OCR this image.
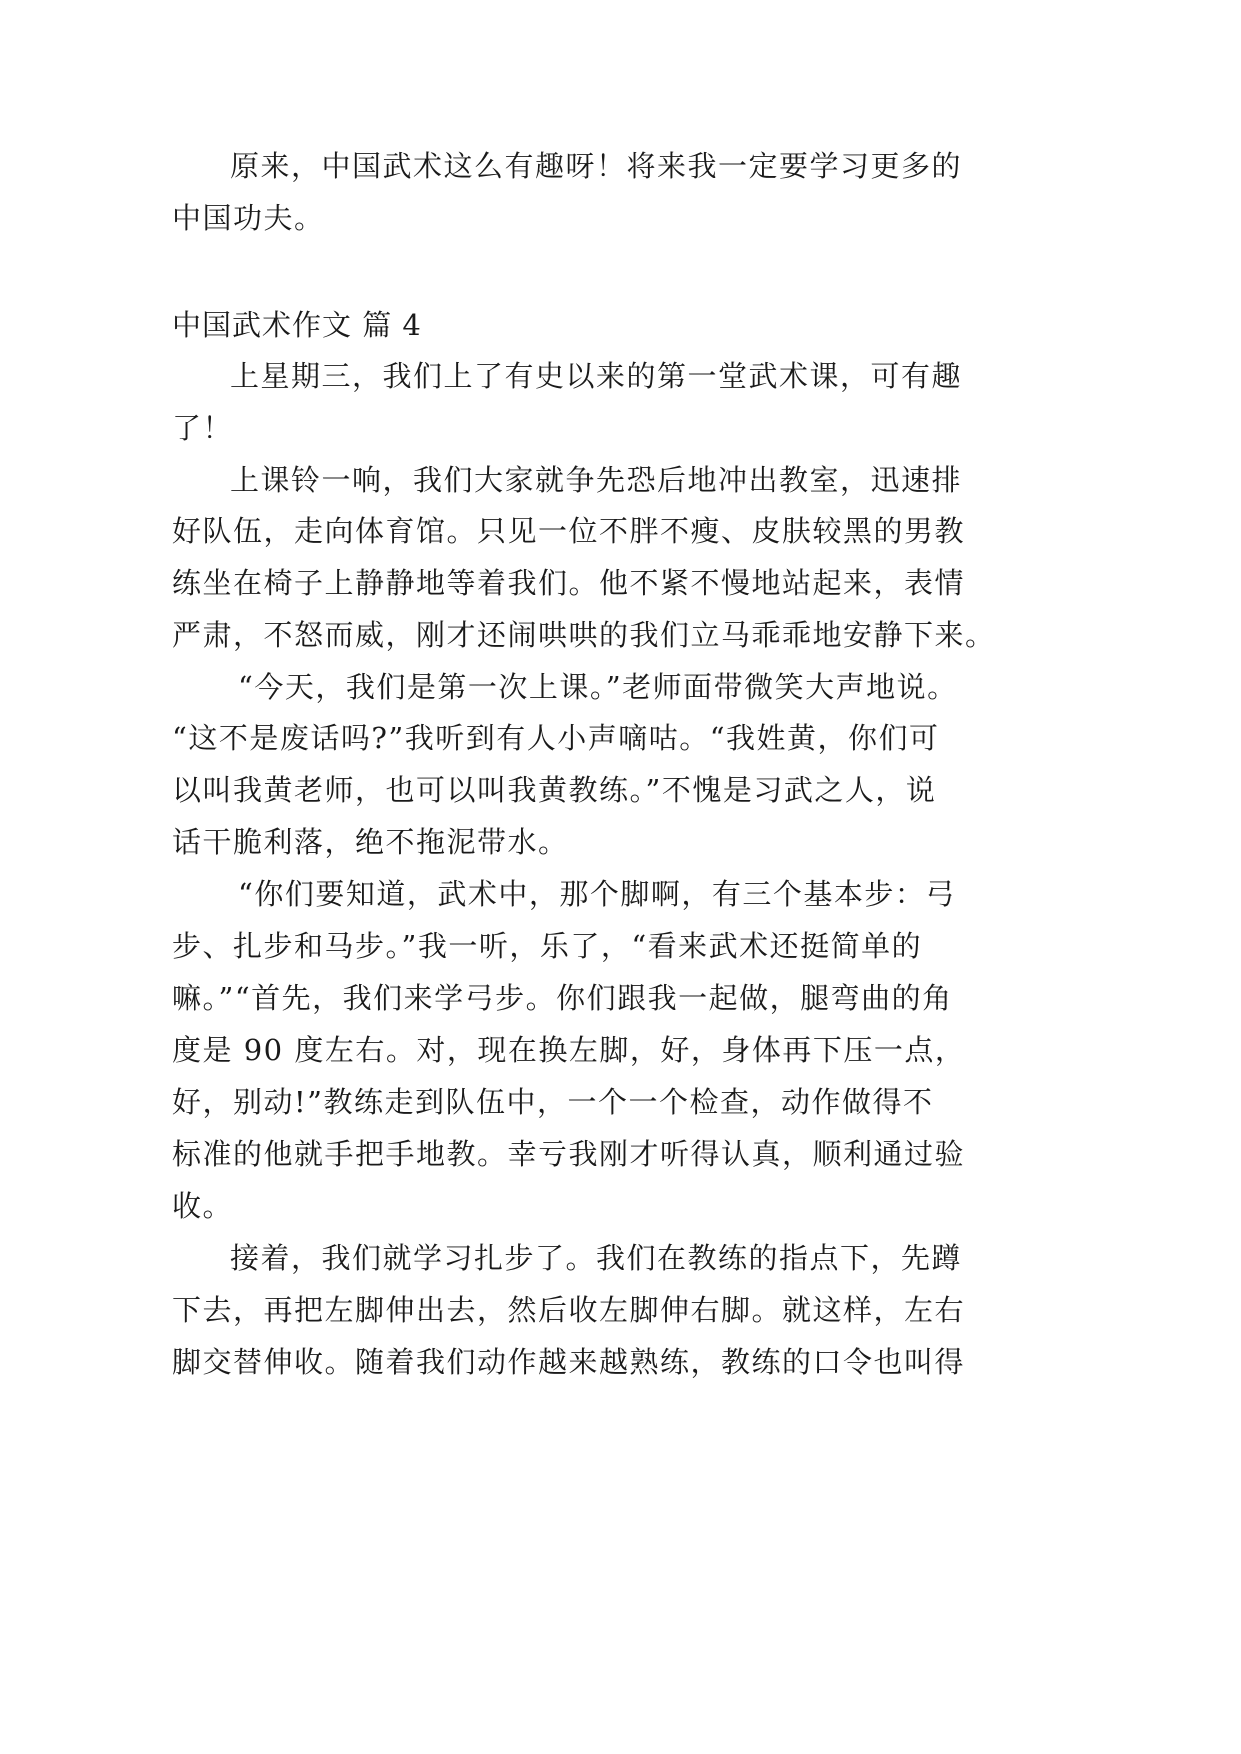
原来，中国武术这么有趣呀！将来我一定要学习更多的
中国功夫。
中国武术作文 篇 4
上星期三，我们上了有史以来的第一堂武术课，可有趣
了！
上课铃一响，我们大家就争先恐后地冲出教室，迅速排
好队伍，走向体育馆。只见一位不胖不瘦、皮肤较黑的男教
练坐在椅子上静静地等着我们。他不紧不慢地站起来，表情
严肃，不怒而威，刚才还闹哄哄的我们立马乖乖地安静下来。
“今天，我们是第一次上课。”老师面带微笑大声地说。
“这不是废话吗?”我听到有人小声嘀咕。“我姓黄，你们可
以叫我黄老师，也可以叫我黄教练。”不愧是习武之人，说
话干脆利落，绝不拖泥带水。
“你们要知道，武术中，那个脚啊，有三个基本步：弓
步、扎步和马步。”我一听，乐了，“看来武术还挺简单的
嘛。”“首先，我们来学弓步。你们跟我一起做，腿弯曲的角
度是 90 度左右。对，现在换左脚，好，身体再下压一点，
好，别动!”教练走到队伍中，一个一个检查，动作做得不
标准的他就手把手地教。幸亏我刚才听得认真，顺利通过验
收。
接着，我们就学习扎步了。我们在教练的指点下，先蹲
下去，再把左脚伸出去，然后收左脚伸右脚。就这样，左右
脚交替伸收。随着我们动作越来越熟练，教练的口令也叫得
